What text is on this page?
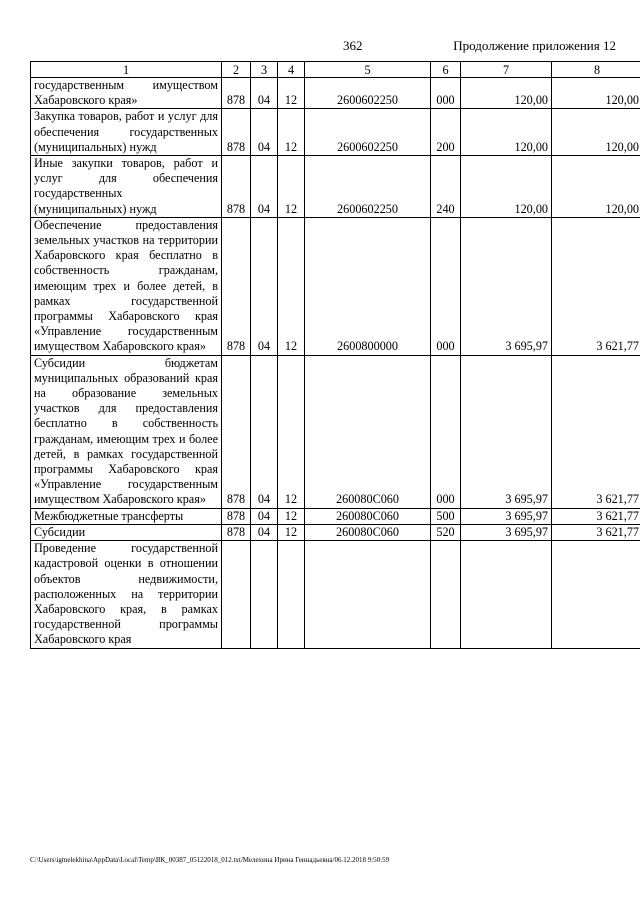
362	Продолжение приложения 12
1	2	3	4	5	6	7	8
государственным имуществом Хабаровского края»	878	04	12	2600602250	000	120,00	120,00
Закупка товаров, работ и услуг для обеспечения государственных (муниципальных) нужд	878	04	12	2600602250	200	120,00	120,00
Иные закупки товаров, работ и услуг для обеспечения государственных (муниципальных) нужд	878	04	12	2600602250	240	120,00	120,00
Обеспечение предоставления земельных участков на территории Хабаровского края бесплатно в собственность гражданам, имеющим трех и более детей, в рамках государственной программы Хабаровского края «Управление государственным имуществом Хабаровского края»	878	04	12	2600800000	000	3 695,97	3 621,77
Субсидии бюджетам муниципальных образований края на образование земельных участков для предоставления бесплатно в собственность гражданам, имеющим трех и более детей, в рамках государственной программы Хабаровского края «Управление государственным имуществом Хабаровского края»	878	04	12	260080С060	000	3 695,97	3 621,77
Межбюджетные трансферты	878	04	12	260080С060	500	3 695,97	3 621,77
Субсидии	878	04	12	260080С060	520	3 695,97	3 621,77
Проведение государственной кадастровой оценки в отношении объектов недвижимости, расположенных на территории Хабаровского края, в рамках государственной программы Хабаровского края							
C:\Users\igmelekhina\AppData\Local\Temp\ВК_00387_05122018_012.txt/Мелехина Ирина Геннадьевна/06.12.2018 9:50:59
